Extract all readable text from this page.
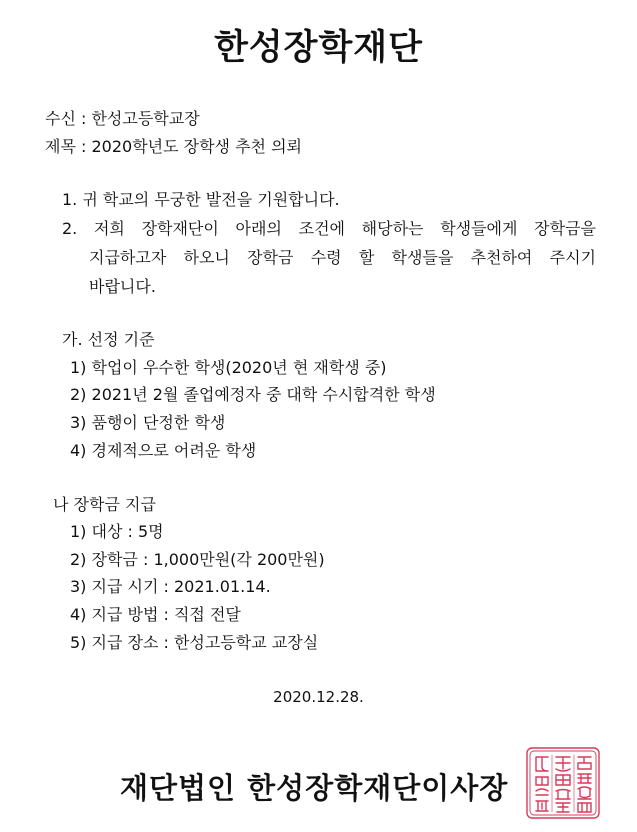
한성장학재단
수신 : 한성고등학교장
제목 : 2020학년도 장학생 추천 의뢰
1. 귀 학교의 무궁한 발전을 기원합니다.
2. 저희 장학재단이 아래의 조건에 해당하는 학생들에게 장학금을
지급하고자 하오니 장학금 수령 할 학생들을 추천하여 주시기
바랍니다.
가. 선정 기준
1) 학업이 우수한 학생(2020년 현 재학생 중)
2) 2021년 2월 졸업예정자 중 대학 수시합격한 학생
3) 품행이 단정한 학생
4) 경제적으로 어려운 학생
나 장학금 지급
1) 대상 : 5명
2) 장학금 : 1,000만원(각 200만원)
3) 지급 시기 : 2021.01.14.
4) 지급 방법 : 직접 전달
5) 지급 장소 : 한성고등학교 교장실
2020.12.28.
재단법인 한성장학재단이사장
